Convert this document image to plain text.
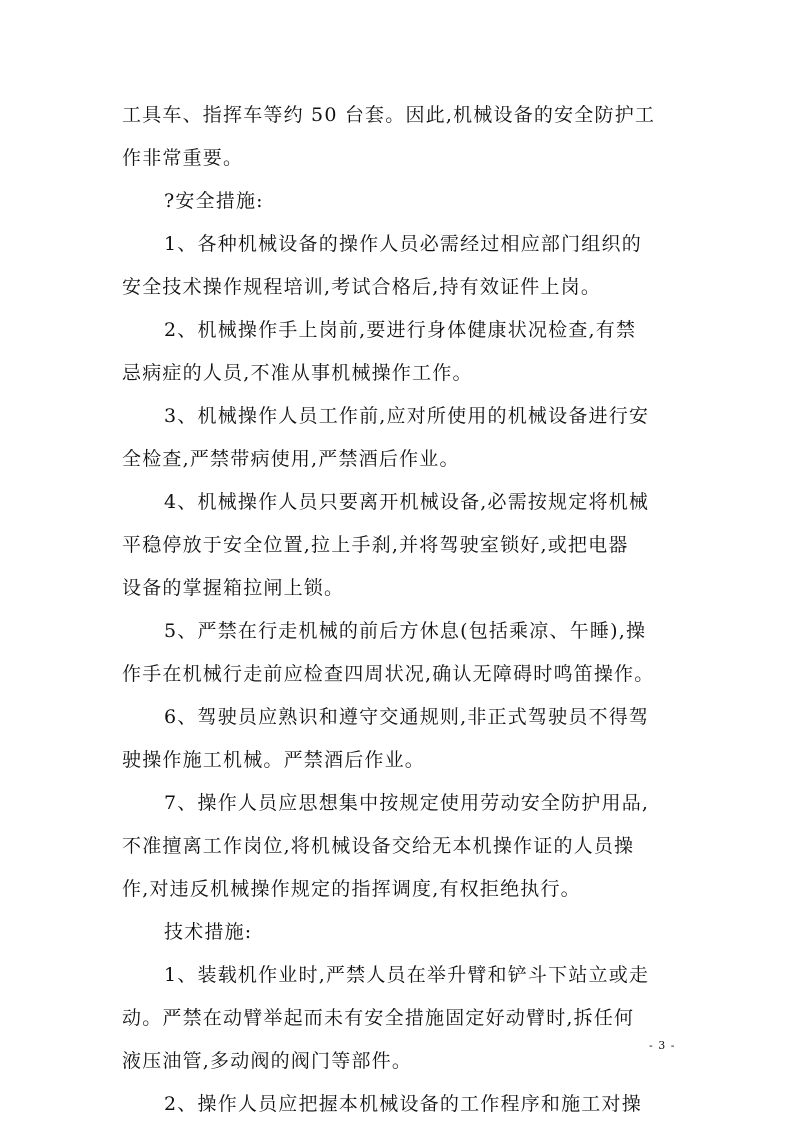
工具车、指挥车等约 50 台套。因此,机械设备的安全防护工
作非常重要。
?安全措施:
1、各种机械设备的操作人员必需经过相应部门组织的
安全技术操作规程培训,考试合格后,持有效证件上岗。
2、机械操作手上岗前,要进行身体健康状况检查,有禁
忌病症的人员,不准从事机械操作工作。
3、机械操作人员工作前,应对所使用的机械设备进行安
全检查,严禁带病使用,严禁酒后作业。
4、机械操作人员只要离开机械设备,必需按规定将机械
平稳停放于安全位置,拉上手刹,并将驾驶室锁好,或把电器
设备的掌握箱拉闸上锁。
5、严禁在行走机械的前后方休息(包括乘凉、午睡),操
作手在机械行走前应检查四周状况,确认无障碍时鸣笛操作。
6、驾驶员应熟识和遵守交通规则,非正式驾驶员不得驾
驶操作施工机械。严禁酒后作业。
7、操作人员应思想集中按规定使用劳动安全防护用品,
不准擅离工作岗位,将机械设备交给无本机操作证的人员操
作,对违反机械操作规定的指挥调度,有权拒绝执行。
技术措施:
1、装载机作业时,严禁人员在举升臂和铲斗下站立或走
动。严禁在动臂举起而未有安全措施固定好动臂时,拆任何
液压油管,多动阀的阀门等部件。
2、操作人员应把握本机械设备的工作程序和施工对操
- 3 -
